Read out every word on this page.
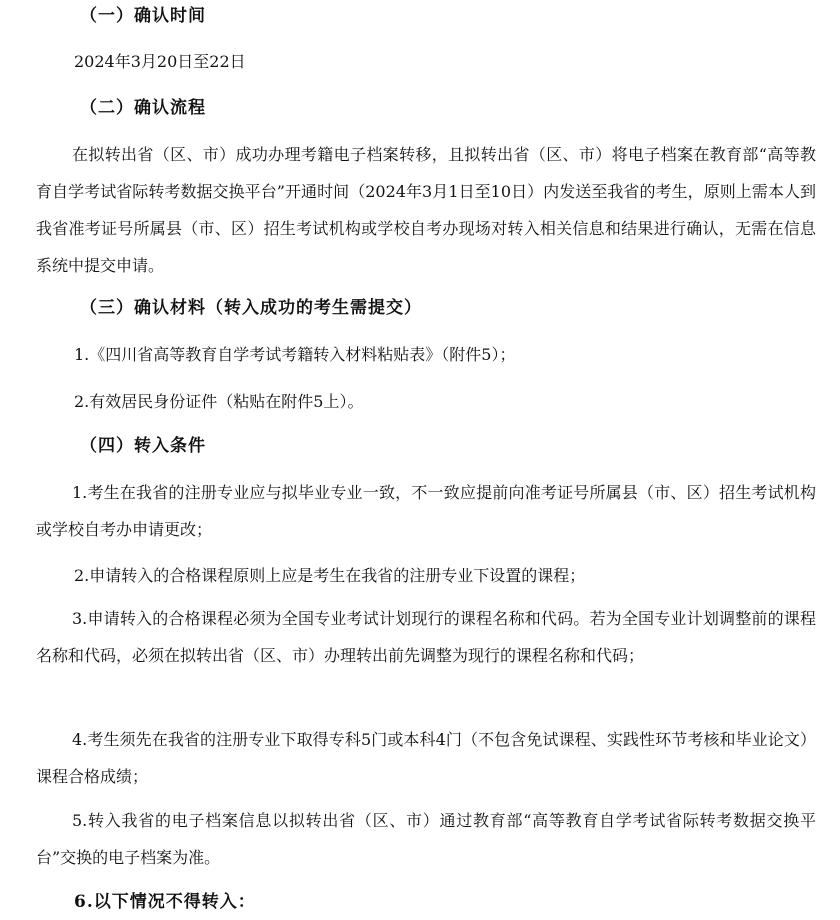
（一）确认时间
2024年3月20日至22日
（二）确认流程
在拟转出省（区、市）成功办理考籍电子档案转移，且拟转出省（区、市）将电子档案在教育部“高等教育自学考试省际转考数据交换平台”开通时间（2024年3月1日至10日）内发送至我省的考生，原则上需本人到我省准考证号所属县（市、区）招生考试机构或学校自考办现场对转入相关信息和结果进行确认，无需在信息系统中提交申请。
（三）确认材料（转入成功的考生需提交）
1.《四川省高等教育自学考试考籍转入材料粘贴表》（附件5）；
2.有效居民身份证件（粘贴在附件5上）。
（四）转入条件
1.考生在我省的注册专业应与拟毕业专业一致，不一致应提前向准考证号所属县（市、区）招生考试机构或学校自考办申请更改；
2.申请转入的合格课程原则上应是考生在我省的注册专业下设置的课程；
3.申请转入的合格课程必须为全国专业考试计划现行的课程名称和代码。若为全国专业计划调整前的课程名称和代码，必须在拟转出省（区、市）办理转出前先调整为现行的课程名称和代码；
4.考生须先在我省的注册专业下取得专科5门或本科4门（不包含免试课程、实践性环节考核和毕业论文）课程合格成绩；
5.转入我省的电子档案信息以拟转出省（区、市）通过教育部“高等教育自学考试省际转考数据交换平台”交换的电子档案为准。
6.以下情况不得转入：
